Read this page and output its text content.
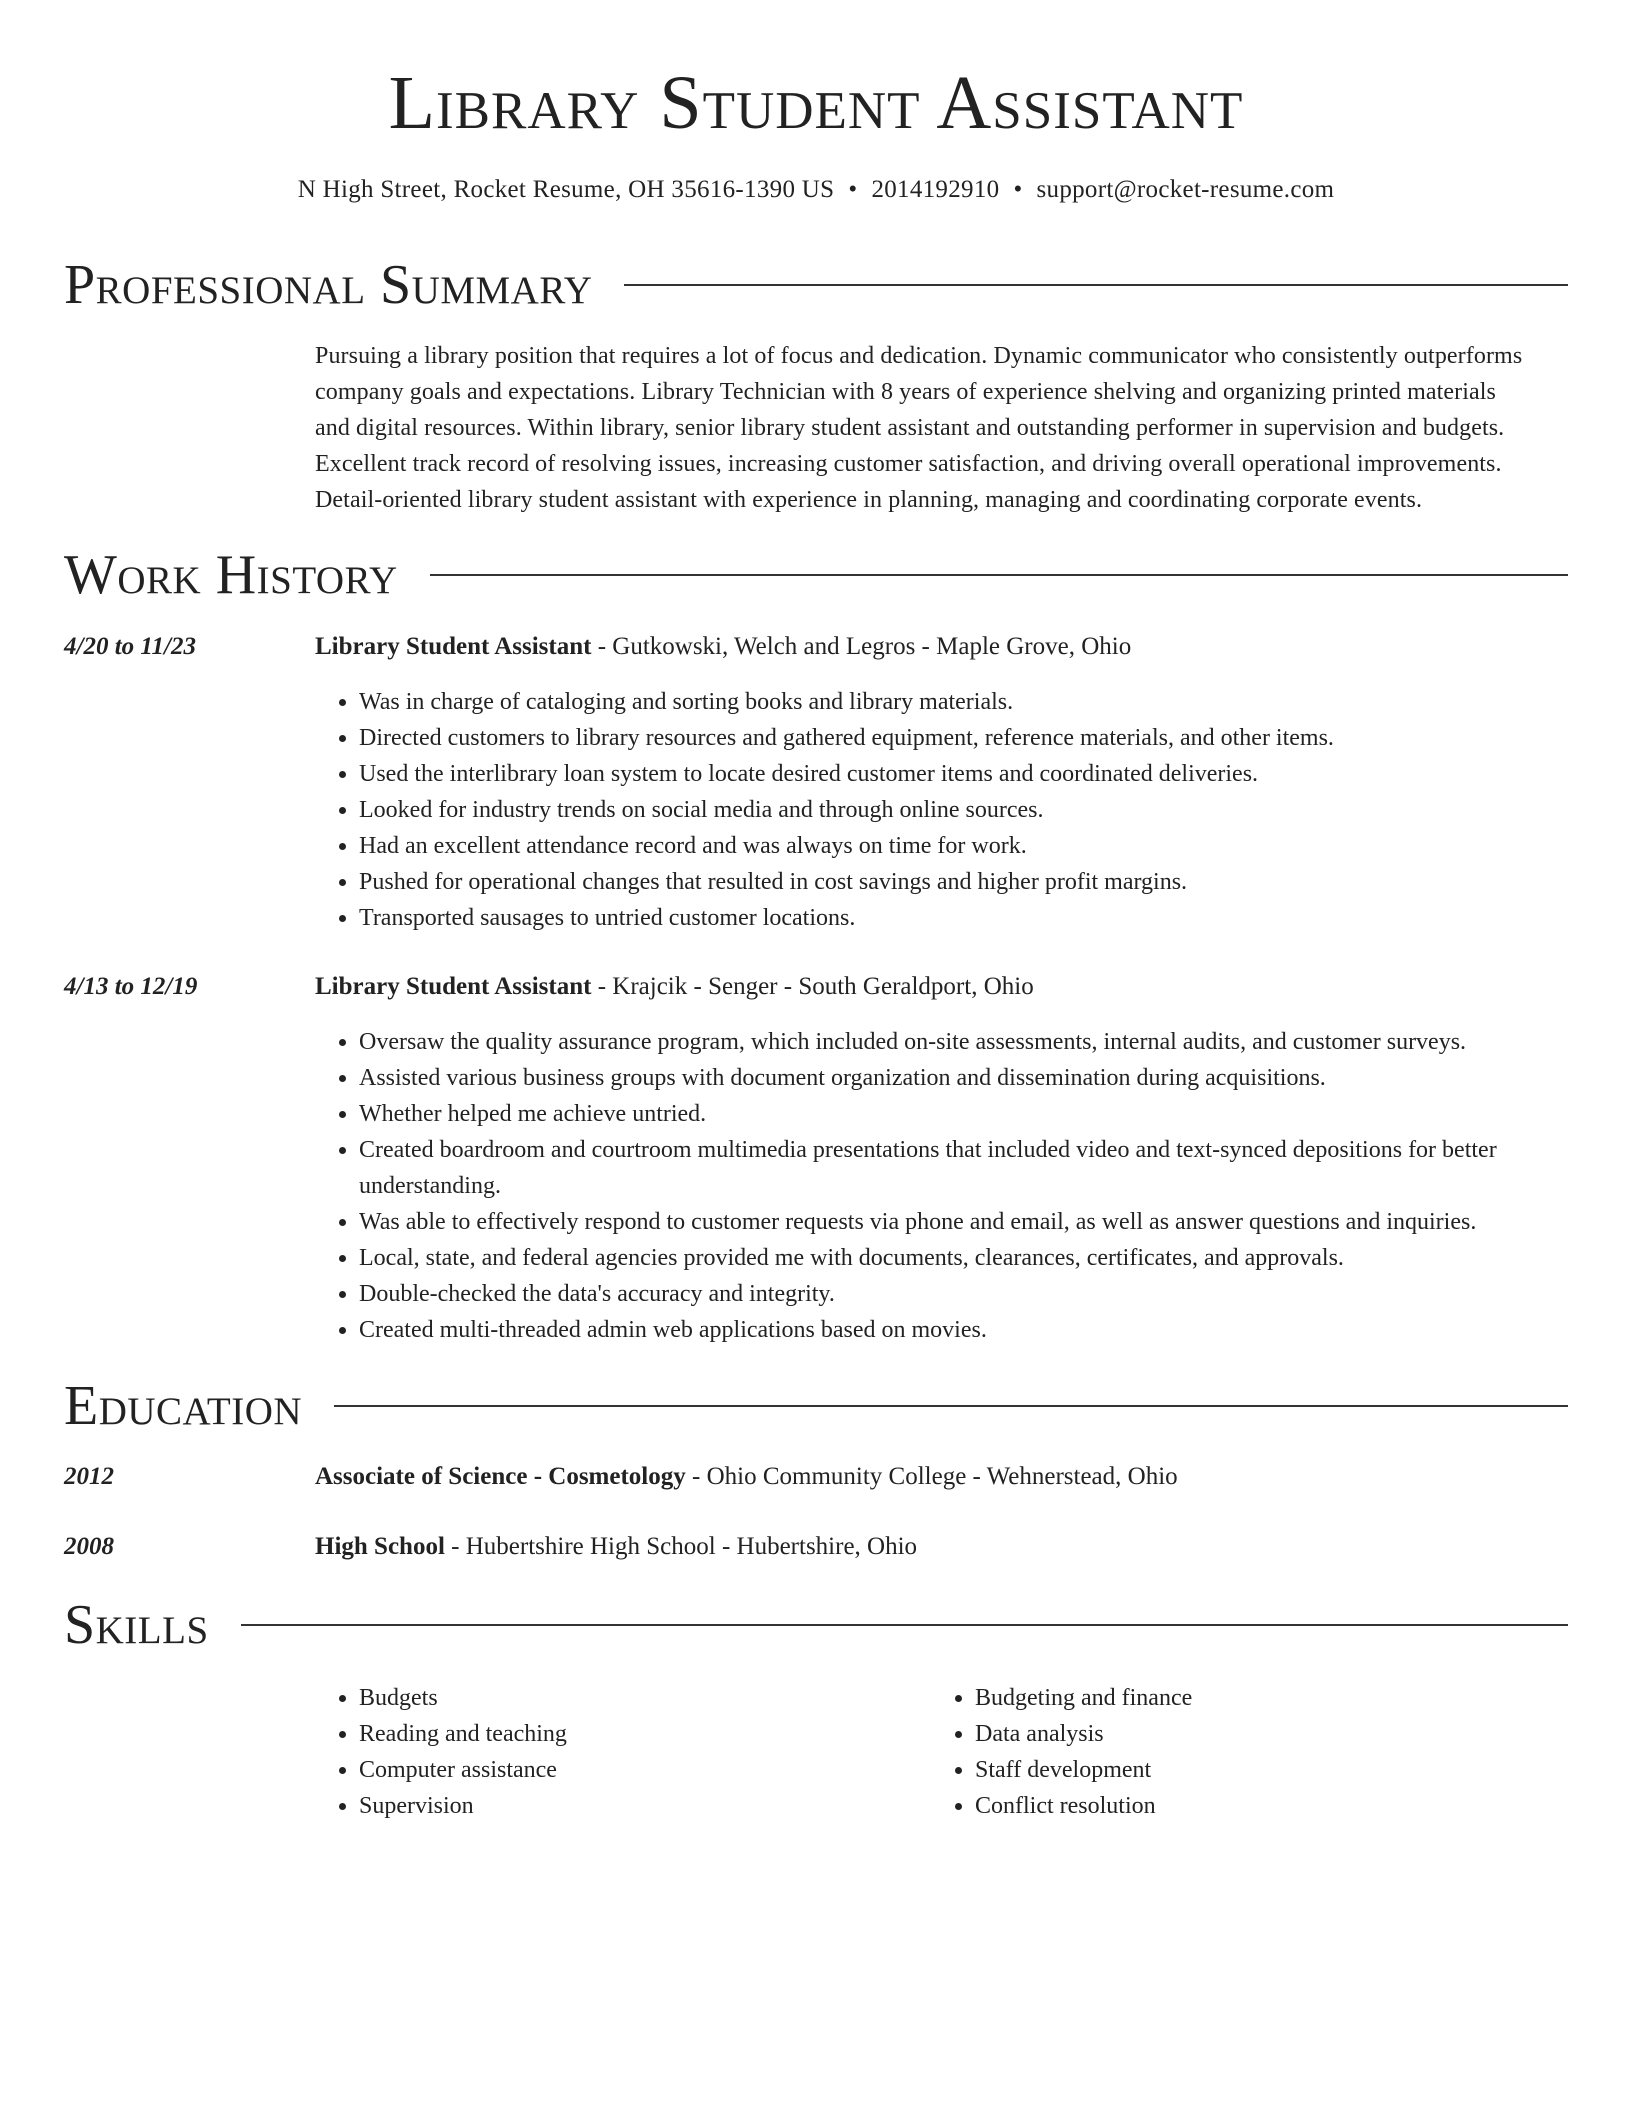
Library Student Assistant
N High Street, Rocket Resume, OH 35616-1390 US • 2014192910 • support@rocket-resume.com
Professional Summary
Pursuing a library position that requires a lot of focus and dedication. Dynamic communicator who consistently outperforms
company goals and expectations. Library Technician with 8 years of experience shelving and organizing printed materials
and digital resources. Within library, senior library student assistant and outstanding performer in supervision and budgets.
Excellent track record of resolving issues, increasing customer satisfaction, and driving overall operational improvements.
Detail-oriented library student assistant with experience in planning, managing and coordinating corporate events.
Work History
4/20 to 11/23	Library Student Assistant - Gutkowski, Welch and Legros - Maple Grove, Ohio
• Was in charge of cataloging and sorting books and library materials.
• Directed customers to library resources and gathered equipment, reference materials, and other items.
• Used the interlibrary loan system to locate desired customer items and coordinated deliveries.
• Looked for industry trends on social media and through online sources.
• Had an excellent attendance record and was always on time for work.
• Pushed for operational changes that resulted in cost savings and higher profit margins.
• Transported sausages to untried customer locations.
4/13 to 12/19	Library Student Assistant - Krajcik - Senger - South Geraldport, Ohio
• Oversaw the quality assurance program, which included on-site assessments, internal audits, and customer surveys.
• Assisted various business groups with document organization and dissemination during acquisitions.
• Whether helped me achieve untried.
• Created boardroom and courtroom multimedia presentations that included video and text-synced depositions for better understanding.
• Was able to effectively respond to customer requests via phone and email, as well as answer questions and inquiries.
• Local, state, and federal agencies provided me with documents, clearances, certificates, and approvals.
• Double-checked the data's accuracy and integrity.
• Created multi-threaded admin web applications based on movies.
Education
2012	Associate of Science - Cosmetology - Ohio Community College - Wehnerstead, Ohio
2008	High School - Hubertshire High School - Hubertshire, Ohio
Skills
• Budgets
• Reading and teaching
• Computer assistance
• Supervision
• Budgeting and finance
• Data analysis
• Staff development
• Conflict resolution
